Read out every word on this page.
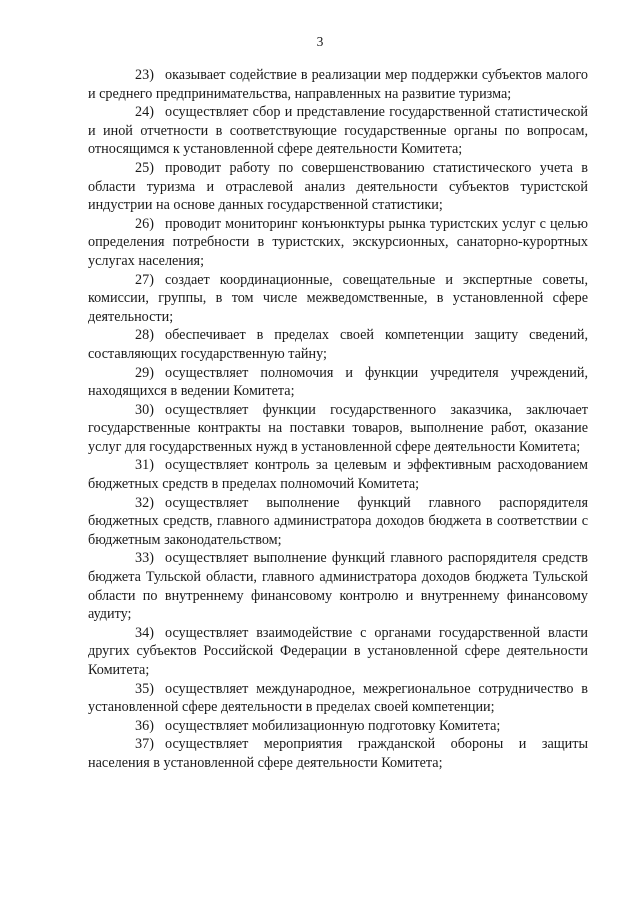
3

23) оказывает содействие в реализации мер поддержки субъектов малого и среднего предпринимательства, направленных на развитие туризма;

24) осуществляет сбор и представление государственной статистической и иной отчетности в соответствующие государственные органы по вопросам, относящимся к установленной сфере деятельности Комитета;

25) проводит работу по совершенствованию статистического учета в области туризма и отраслевой анализ деятельности субъектов туристской индустрии на основе данных государственной статистики;

26) проводит мониторинг конъюнктуры рынка туристских услуг с целью определения потребности в туристских, экскурсионных, санаторно-курортных услугах населения;

27) создает координационные, совещательные и экспертные советы, комиссии, группы, в том числе межведомственные, в установленной сфере деятельности;

28) обеспечивает в пределах своей компетенции защиту сведений, составляющих государственную тайну;

29) осуществляет полномочия и функции учредителя учреждений, находящихся в ведении Комитета;

30) осуществляет функции государственного заказчика, заключает государственные контракты на поставки товаров, выполнение работ, оказание услуг для государственных нужд в установленной сфере деятельности Комитета;

31) осуществляет контроль за целевым и эффективным расходованием бюджетных средств в пределах полномочий Комитета;

32) осуществляет выполнение функций главного распорядителя бюджетных средств, главного администратора доходов бюджета в соответствии с бюджетным законодательством;

33) осуществляет выполнение функций главного распорядителя средств бюджета Тульской области, главного администратора доходов бюджета Тульской области по внутреннему финансовому контролю и внутреннему финансовому аудиту;

34) осуществляет взаимодействие с органами государственной власти других субъектов Российской Федерации в установленной сфере деятельности Комитета;

35) осуществляет международное, межрегиональное сотрудничество в установленной сфере деятельности в пределах своей компетенции;

36) осуществляет мобилизационную подготовку Комитета;

37) осуществляет мероприятия гражданской обороны и защиты населения в установленной сфере деятельности Комитета;
